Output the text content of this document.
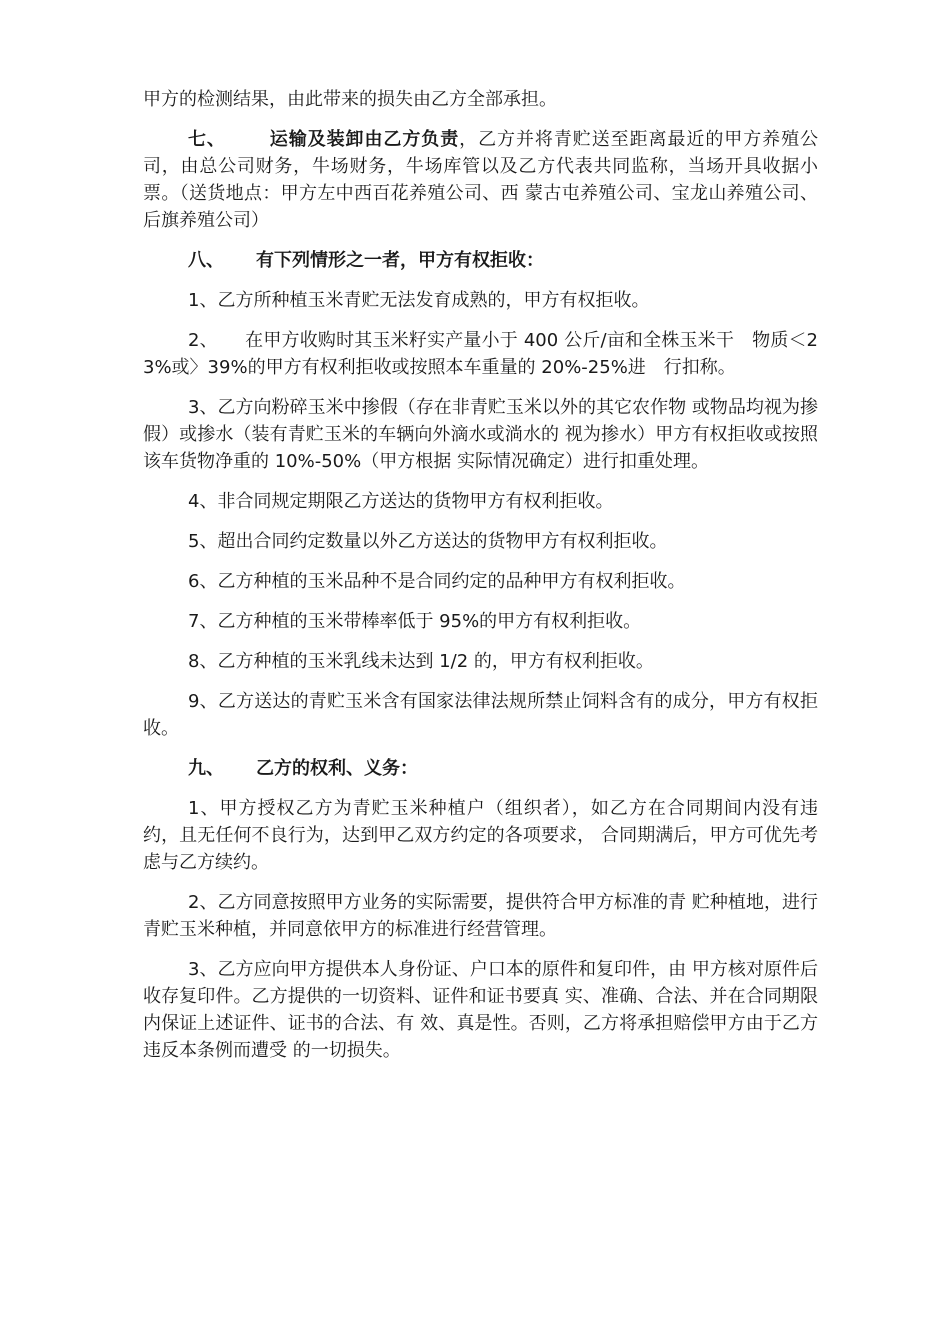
甲方的检测结果，由此带来的损失由乙方全部承担。

七、 运输及装卸由乙方负责，乙方并将青贮送至距离最近的甲方养殖公司，由总公司财务，牛场财务，牛场库管以及乙方代表共同监称，当场开具收据小票。（送货地点：甲方左中西百花养殖公司、西 蒙古屯养殖公司、宝龙山养殖公司、后旗养殖公司）

八、 有下列情形之一者，甲方有权拒收：

1、乙方所种植玉米青贮无法发育成熟的，甲方有权拒收。

2、　　在甲方收购时其玉米籽实产量小于 400 公斤/亩和全株玉米干　物质＜23%或〉39%的甲方有权利拒收或按照本车重量的 20%-25%进　行扣称。

3、乙方向粉碎玉米中掺假（存在非青贮玉米以外的其它农作物 或物品均视为掺假）或掺水（装有青贮玉米的车辆向外滴水或淌水的 视为掺水）甲方有权拒收或按照该车货物净重的 10%-50%（甲方根据 实际情况确定）进行扣重处理。

4、非合同规定期限乙方送达的货物甲方有权利拒收。

5、超出合同约定数量以外乙方送达的货物甲方有权利拒收。

6、乙方种植的玉米品种不是合同约定的品种甲方有权利拒收。

7、乙方种植的玉米带棒率低于 95%的甲方有权利拒收。

8、乙方种植的玉米乳线未达到 1/2 的，甲方有权利拒收。

9、乙方送达的青贮玉米含有国家法律法规所禁止饲料含有的成分，甲方有权拒收。

九、 乙方的权利、义务：

1、甲方授权乙方为青贮玉米种植户（组织者），如乙方在合同期间内没有违约，且无任何不良行为，达到甲乙双方约定的各项要求， 合同期满后，甲方可优先考虑与乙方续约。

2、乙方同意按照甲方业务的实际需要，提供符合甲方标准的青 贮种植地，进行青贮玉米种植，并同意依甲方的标准进行经营管理。

3、乙方应向甲方提供本人身份证、户口本的原件和复印件，由 甲方核对原件后收存复印件。乙方提供的一切资料、证件和证书要真 实、准确、合法、并在合同期限内保证上述证件、证书的合法、有 效、真是性。否则，乙方将承担赔偿甲方由于乙方违反本条例而遭受 的一切损失。
